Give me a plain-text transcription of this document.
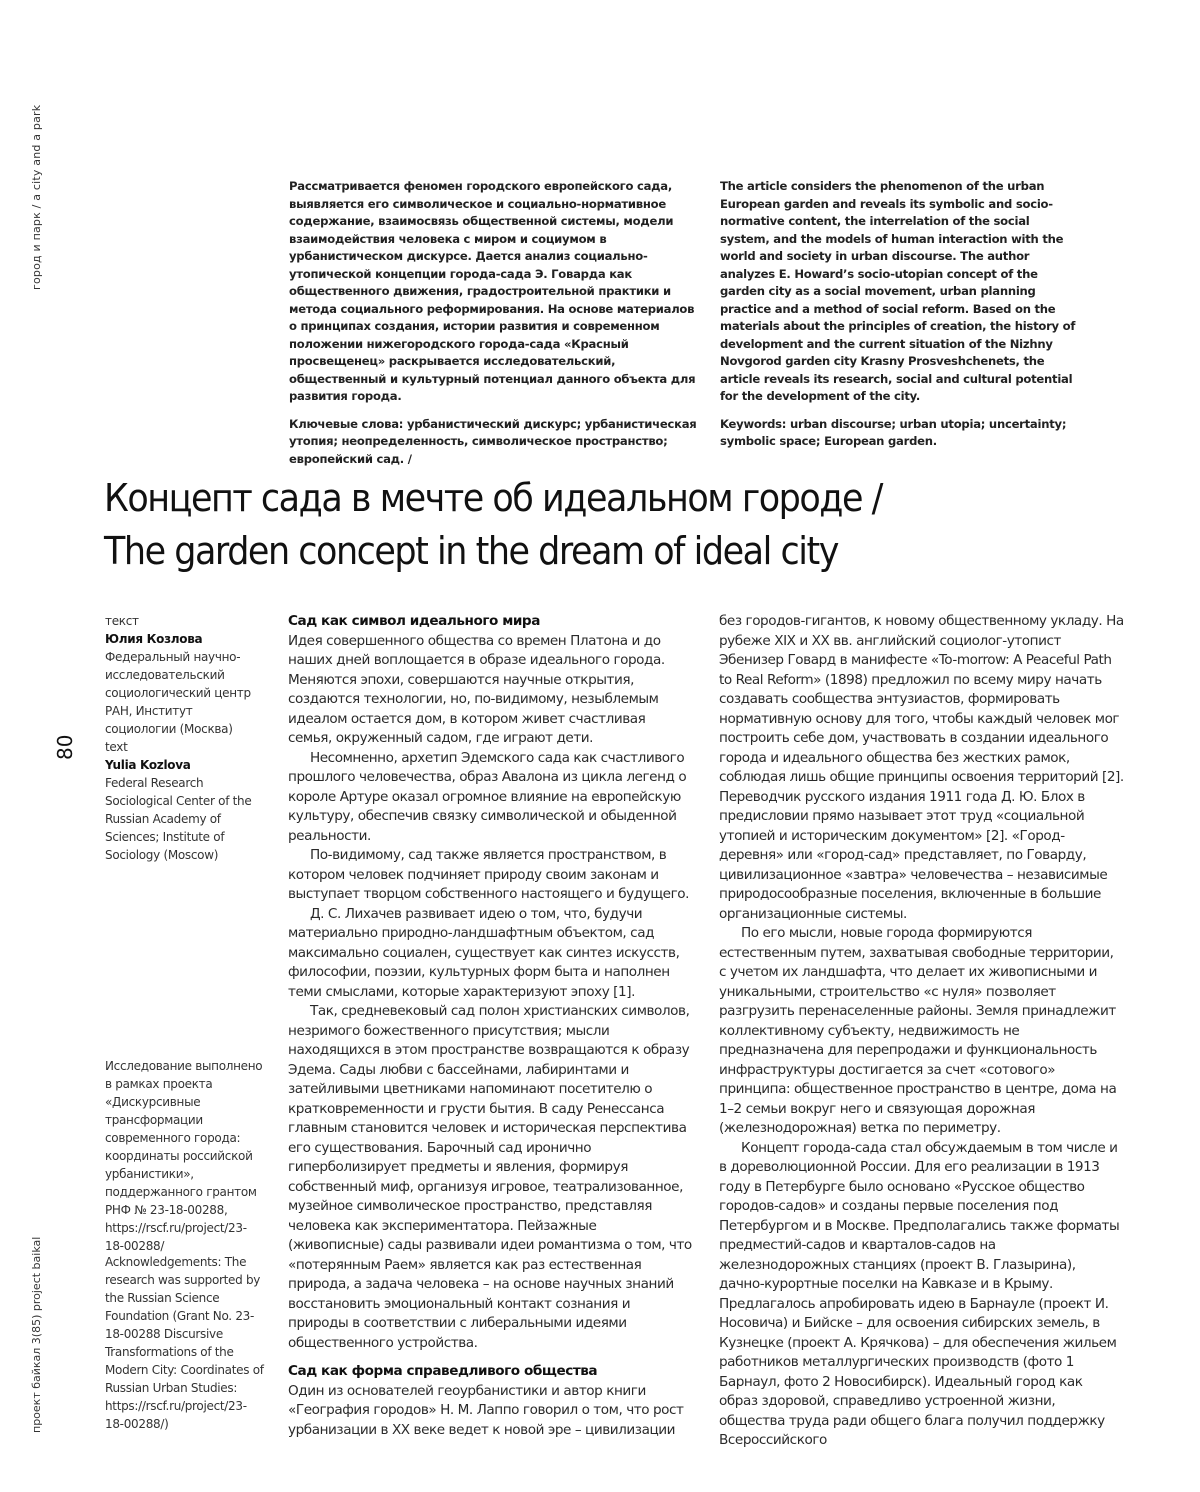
город и парк / a city and a park
80
проект байкал 3(85) project baikal

Рассматривается феномен городского европейского сада, выявляется его символическое и социально-нормативное содержание, взаимосвязь общественной системы, модели взаимодействия человека с миром и социумом в урбанистическом дискурсе. Дается анализ социально-утопической концепции города-сада Э. Говарда как общественного движения, градостроительной практики и метода социального реформирования. На основе материалов о принципах создания, истории развития и современном положении нижегородского города-сада «Красный просвещенец» раскрывается исследовательский, общественный и культурный потенциал данного объекта для развития города.

Ключевые слова: урбанистический дискурс; урбанистическая утопия; неопределенность, символическое пространство; европейский сад. /

The article considers the phenomenon of the urban European garden and reveals its symbolic and socio-normative content, the interrelation of the social system, and the models of human interaction with the world and society in urban discourse. The author analyzes E. Howard’s socio-utopian concept of the garden city as a social movement, urban planning practice and a method of social reform. Based on the materials about the principles of creation, the history of development and the current situation of the Nizhny Novgorod garden city Krasny Prosveshchenets, the article reveals its research, social and cultural potential for the development of the city.

Keywords: urban discourse; urban utopia; uncertainty; symbolic space; European garden.

Концепт сада в мечте об идеальном городе /
The garden concept in the dream of ideal city
текст
Юлия Козлова
Федеральный научно-исследовательский социологический центр РАН, Институт социологии (Москва)
text
Yulia Kozlova
Federal Research Sociological Center of the Russian Academy of Sciences; Institute of Sociology (Moscow)
Исследование выполнено в рамках проекта «Дискурсивные трансформации современного города: координаты российской урбанистики», поддержанного грантом РНФ № 23-18-00288, https://rscf.ru/project/23-18-00288/
Acknowledgements: The research was supported by the Russian Science Foundation (Grant No. 23-18-00288 Discursive Transformations of the Modern City: Coordinates of Russian Urban Studies: https://rscf.ru/project/23-18-00288/)
Сад как символ идеального мира

Идея совершенного общества со времен Платона и до наших дней воплощается в образе идеального города. Меняются эпохи, совершаются научные открытия, создаются технологии, но, по-видимому, незыблемым идеалом остается дом, в котором живет счастливая семья, окруженный садом, где играют дети.

Несомненно, архетип Эдемского сада как счастливого прошлого человечества, образ Авалона из цикла легенд о короле Артуре оказал огромное влияние на европейскую культуру, обеспечив связку символической и обыденной реальности.

По-видимому, сад также является пространством, в котором человек подчиняет природу своим законам и выступает творцом собственного настоящего и будущего.

Д. С. Лихачев развивает идею о том, что, будучи материально природно-ландшафтным объектом, сад максимально социален, существует как синтез искусств, философии, поэзии, культурных форм быта и наполнен теми смыслами, которые характеризуют эпоху [1].

Так, средневековый сад полон христианских символов, незримого божественного присутствия; мысли находящихся в этом пространстве возвращаются к образу Эдема. Сады любви с бассейнами, лабиринтами и затейливыми цветниками напоминают посетителю о кратковременности и грусти бытия. В саду Ренессанса главным становится человек и историческая перспектива его существования. Барочный сад иронично гиперболизирует предметы и явления, формируя собственный миф, организуя игровое, театрализованное, музейное символическое пространство, представляя человека как экспериментатора. Пейзажные (живописные) сады развивали идеи романтизма о том, что «потерянным Раем» является как раз естественная природа, а задача человека – на основе научных знаний восстановить эмоциональный контакт сознания и природы в соответствии с либеральными идеями общественного устройства.

Сад как форма справедливого общества

Один из основателей геоурбанистики и автор книги «География городов» Н. М. Лаппо говорил о том, что рост урбанизации в XX веке ведет к новой эре – цивилизации

без городов-гигантов, к новому общественному укладу. На рубеже XIX и XX вв. английский социолог-утопист Эбенизер Говард в манифесте «To-morrow: A Peaceful Path to Real Reform» (1898) предложил по всему миру начать создавать сообщества энтузиастов, формировать нормативную основу для того, чтобы каждый человек мог построить себе дом, участвовать в создании идеального города и идеального общества без жестких рамок, соблюдая лишь общие принципы освоения территорий [2]. Переводчик русского издания 1911 года Д. Ю. Блох в предисловии прямо называет этот труд «социальной утопией и историческим документом» [2]. «Город-деревня» или «город-сад» представляет, по Говарду, цивилизационное «завтра» человечества – независимые природосообразные поселения, включенные в большие организационные системы.

По его мысли, новые города формируются естественным путем, захватывая свободные территории, с учетом их ландшафта, что делает их живописными и уникальными, строительство «с нуля» позволяет разгрузить перенаселенные районы. Земля принадлежит коллективному субъекту, недвижимость не предназначена для перепродажи и функциональность инфраструктуры достигается за счет «сотового» принципа: общественное пространство в центре, дома на 1–2 семьи вокруг него и связующая дорожная (железнодорожная) ветка по периметру.

Концепт города-сада стал обсуждаемым в том числе и в дореволюционной России. Для его реализации в 1913 году в Петербурге было основано «Русское общество городов-садов» и созданы первые поселения под Петербургом и в Москве. Предполагались также форматы предместий-садов и кварталов-садов на железнодорожных станциях (проект В. Глазырина), дачно-курортные поселки на Кавказе и в Крыму. Предлагалось апробировать идею в Барнауле (проект И. Носовича) и Бийске – для освоения сибирских земель, в Кузнецке (проект А. Крячкова) – для обеспечения жильем работников металлургических производств (фото 1 Барнаул, фото 2 Новосибирск). Идеальный город как образ здоровой, справедливо устроенной жизни, общества труда ради общего блага получил поддержку Всероссийского
